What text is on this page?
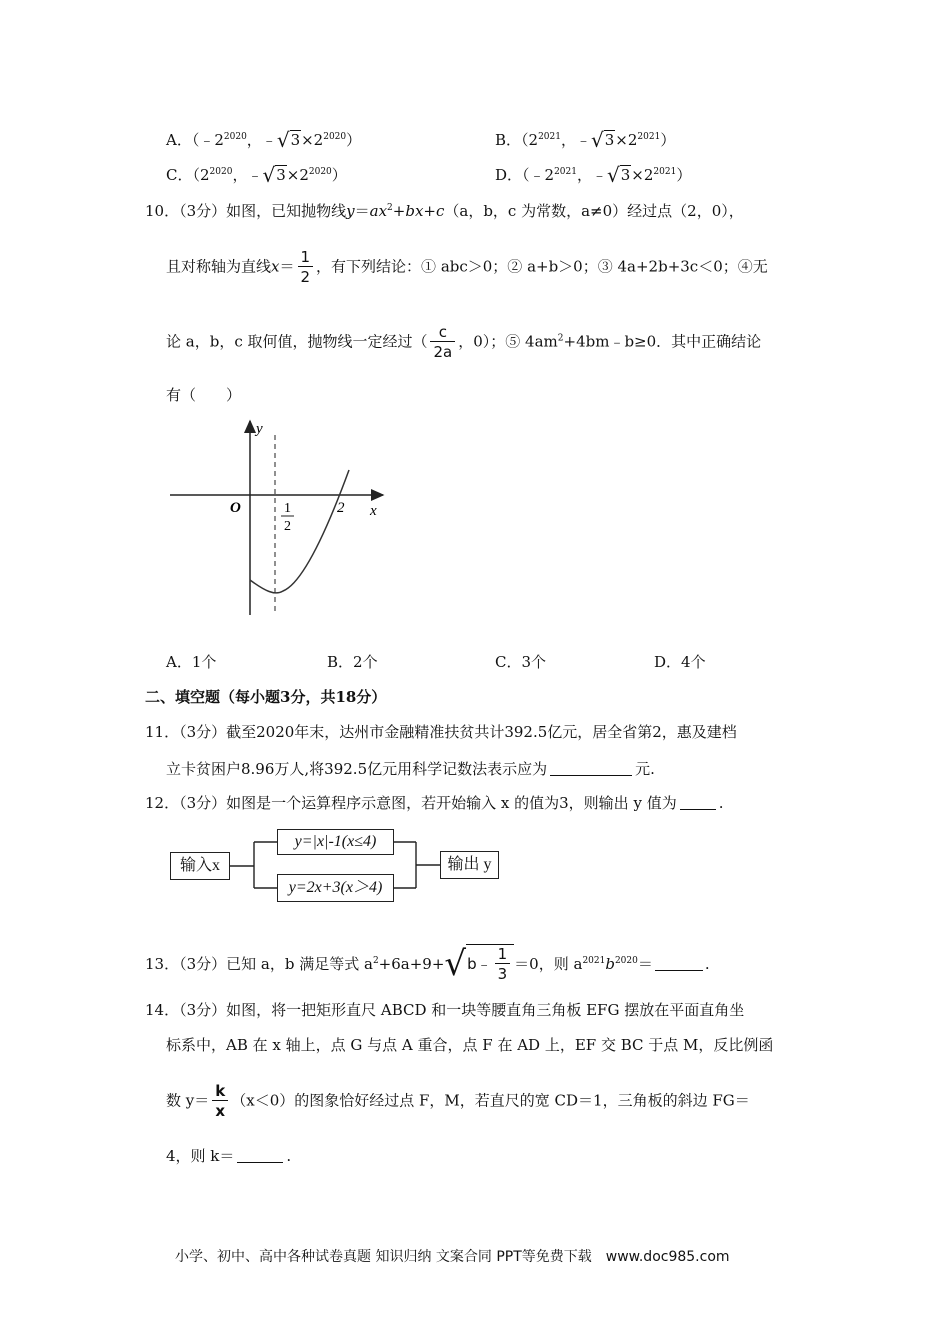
A．（$﹣2^{2020}$，$﹣√3\times 2^{2020}$）	B．（$2^{2021}$，$﹣√3\times 2^{2021}$）
C．（$2^{2020}$，$﹣√3\times 2^{2020}$）	D．（$﹣2^{2021}$，$﹣√3\times 2^{2021}$）
10．（3分）如图，已知抛物线$y=ax^2+bx+c(a$，b，c 为常数，a≠0）经过点（2，0），
且对称轴为直线$x= \frac{1}{2}$ ，有下列结论：① abc＞0；② a+b＞0；③ 4a+2b+3c＜0；④无
论 a，b，c 取何值，抛物线一定经过（ $\frac{c}{2a}$ ，0）；⑤ $4am^2+4bm﹣b\ge 0$．其中正确结论
有（　　）
y
x
O	2
1
2
A．1个	B．2个	C．3个	D．4个
二、填空题（每小题3分，共18分）
11．（3分）截至2020年末，达州市金融精准扶贫共计392.5亿元，居全省第2，惠及建档
立卡贫困户8.96万人,将392.5亿元用科学记数法表示应为	元.
12．（3分）如图是一个运算程序示意图，若开始输入 x 的值为3，则输出 y 值为	.
输入x
y=|x|-1(x≤4)
y=2x+3(x＞4)
输出 y
13．（3分）已知 a，b 满足等式 $a^2+6a+9+√b﹣ \frac{1}{3} =0$，则 $a^{2021}b^{2020}=$	.
14．（3分）如图，将一把矩形直尺 ABCD 和一块等腰直角三角板 EFG 摆放在平面直角坐
标系中，AB 在 x 轴上，点 G 与点 A 重合，点 F 在 AD 上，EF 交 BC 于点 M，反比例函
数 $y= \frac{k}{x} (x<0)$的图象恰好经过点 F，M，若直尺的宽 CD＝1，三角板的斜边 FG＝
4，则 k＝	.
小学、初中、高中各种试卷真题 知识归纳 文案合同 PPT等免费下载　www.doc985.com
